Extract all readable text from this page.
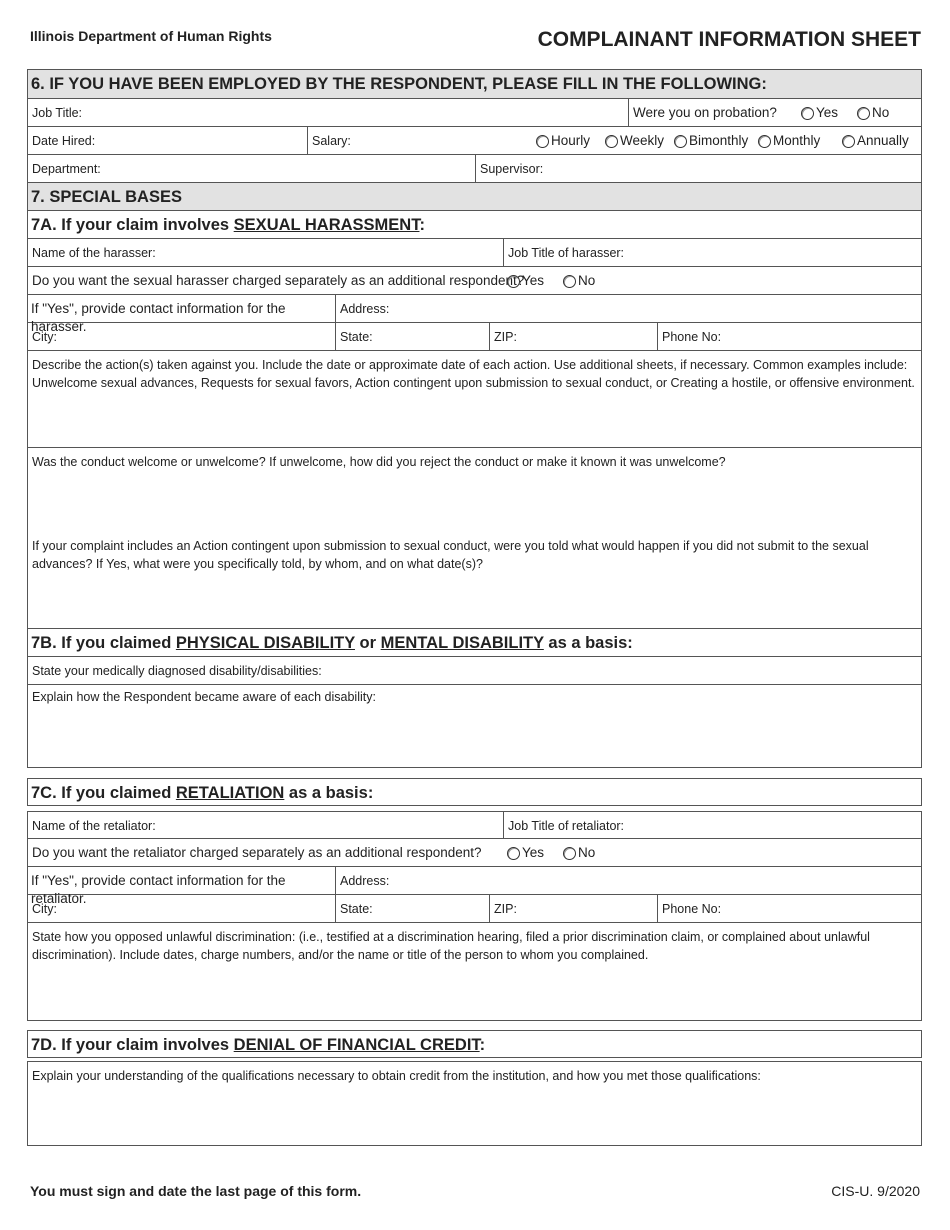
Illinois Department of Human Rights	COMPLAINANT INFORMATION SHEET
6. IF YOU HAVE BEEN EMPLOYED BY THE RESPONDENT, PLEASE FILL IN THE FOLLOWING:
Job Title:	Were you on probation?	Yes	No
Date Hired:	Salary:	Hourly	Weekly	Bimonthly	Monthly	Annually
Department:	Supervisor:
7. SPECIAL BASES
7A. If your claim involves SEXUAL HARASSMENT:
Name of the harasser:	Job Title of harasser:
Do you want the sexual harasser charged separately as an additional respondent?
Yes	No
If "Yes", provide contact information for the harasser.
Address:
City:	State:	ZIP:	Phone No:
Describe the action(s) taken against you. Include the date or approximate date of each action. Use additional sheets, if necessary. Common examples include: Unwelcome sexual advances, Requests for sexual favors, Action contingent upon submission to sexual conduct, or Creating a hostile, or offensive environment.
Was the conduct welcome or unwelcome? If unwelcome, how did you reject the conduct or make it known it was unwelcome?
If your complaint includes an Action contingent upon submission to sexual conduct, were you told what would happen if you did not submit to the sexual advances? If Yes, what were you specifically told, by whom, and on what date(s)?
7B. If you claimed PHYSICAL DISABILITY or MENTAL DISABILITY as a basis:
State your medically diagnosed disability/disabilities:
Explain how the Respondent became aware of each disability:
7C. If you claimed RETALIATION as a basis:
Name of the retaliator:	Job Title of retaliator:
Do you want the retaliator charged separately as an additional respondent?	Yes	No
If "Yes", provide contact information for the retaliator.
Address:
City:	State:	ZIP:	Phone No:
State how you opposed unlawful discrimination: (i.e., testified at a discrimination hearing, filed a prior discrimination claim, or complained about unlawful discrimination). Include dates, charge numbers, and/or the name or title of the person to whom you complained.
7D. If your claim involves DENIAL OF FINANCIAL CREDIT:
Explain your understanding of the qualifications necessary to obtain credit from the institution, and how you met those qualifications:
You must sign and date the last page of this form.	CIS-U. 9/2020
